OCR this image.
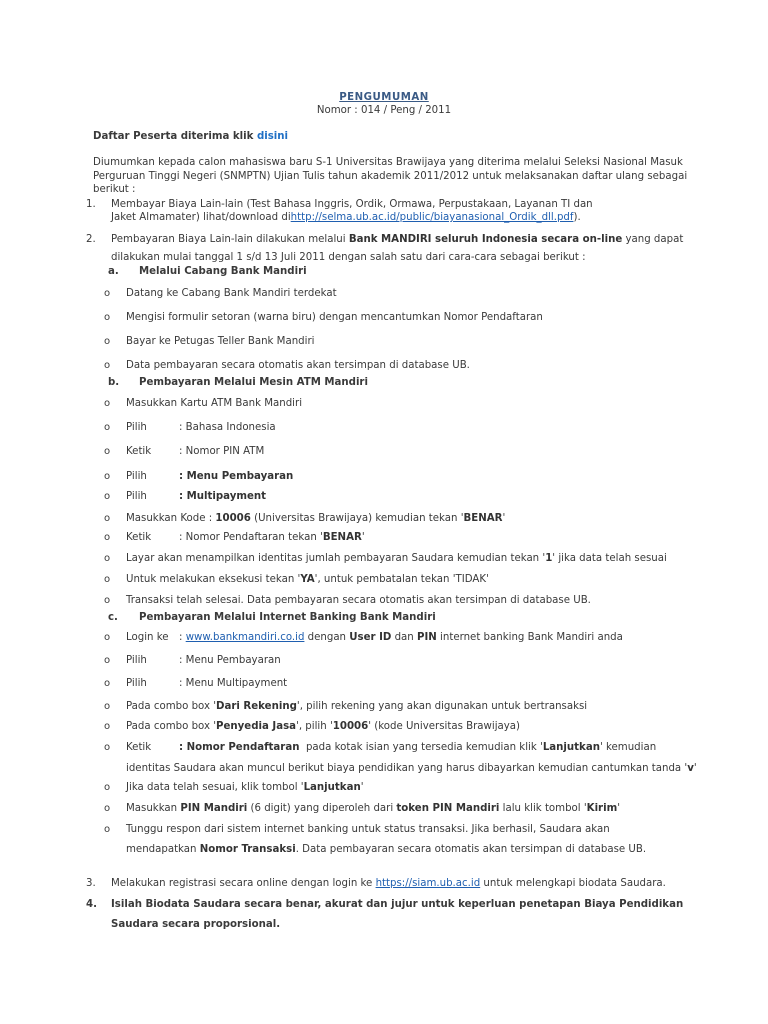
PENGUMUMAN
Nomor : 014 / Peng / 2011
Daftar Peserta diterima klik disini
Diumumkan kepada calon mahasiswa baru S-1 Universitas Brawijaya yang diterima melalui Seleksi Nasional Masuk Perguruan Tinggi Negeri (SNMPTN) Ujian Tulis tahun akademik 2011/2012 untuk melaksanakan daftar ulang sebagai berikut :
1. Membayar Biaya Lain-lain (Test Bahasa Inggris, Ordik, Ormawa, Perpustakaan, Layanan TI dan
Jaket Almamater) lihat/download dihttp://selma.ub.ac.id/public/biayanasional_Ordik_dll.pdf).
2. Pembayaran Biaya Lain-lain dilakukan melalui Bank MANDIRI seluruh Indonesia secara on-line yang dapat
dilakukan mulai tanggal 1 s/d 13 Juli 2011 dengan salah satu dari cara-cara sebagai berikut :
a. Melalui Cabang Bank Mandiri
o Datang ke Cabang Bank Mandiri terdekat
o Mengisi formulir setoran (warna biru) dengan mencantumkan Nomor Pendaftaran
o Bayar ke Petugas Teller Bank Mandiri
o Data pembayaran secara otomatis akan tersimpan di database UB.
b. Pembayaran Melalui Mesin ATM Mandiri
o Masukkan Kartu ATM Bank Mandiri
o Pilih	: Bahasa Indonesia
o Ketik	: Nomor PIN ATM
o Pilih	: Menu Pembayaran
o Pilih	: Multipayment
o Masukkan Kode : 10006 (Universitas Brawijaya) kemudian tekan 'BENAR'
o Ketik	: Nomor Pendaftaran tekan 'BENAR'
o Layar akan menampilkan identitas jumlah pembayaran Saudara kemudian tekan '1' jika data telah sesuai
o Untuk melakukan eksekusi tekan 'YA', untuk pembatalan tekan 'TIDAK'
o Transaksi telah selesai. Data pembayaran secara otomatis akan tersimpan di database UB.
c. Pembayaran Melalui Internet Banking Bank Mandiri
o Login ke : www.bankmandiri.co.id dengan User ID dan PIN internet banking Bank Mandiri anda
o Pilih	: Menu Pembayaran
o Pilih	: Menu Multipayment
o Pada combo box 'Dari Rekening', pilih rekening yang akan digunakan untuk bertransaksi
o Pada combo box 'Penyedia Jasa', pilih '10006' (kode Universitas Brawijaya)
o Ketik	: Nomor Pendaftaran  pada kotak isian yang tersedia kemudian klik 'Lanjutkan' kemudian
identitas Saudara akan muncul berikut biaya pendidikan yang harus dibayarkan kemudian cantumkan tanda 'v'
o Jika data telah sesuai, klik tombol 'Lanjutkan'
o Masukkan PIN Mandiri (6 digit) yang diperoleh dari token PIN Mandiri lalu klik tombol 'Kirim'
o Tunggu respon dari sistem internet banking untuk status transaksi. Jika berhasil, Saudara akan
mendapatkan Nomor Transaksi. Data pembayaran secara otomatis akan tersimpan di database UB.
3. Melakukan registrasi secara online dengan login ke https://siam.ub.ac.id untuk melengkapi biodata Saudara.
4. Isilah Biodata Saudara secara benar, akurat dan jujur untuk keperluan penetapan Biaya Pendidikan
Saudara secara proporsional.
